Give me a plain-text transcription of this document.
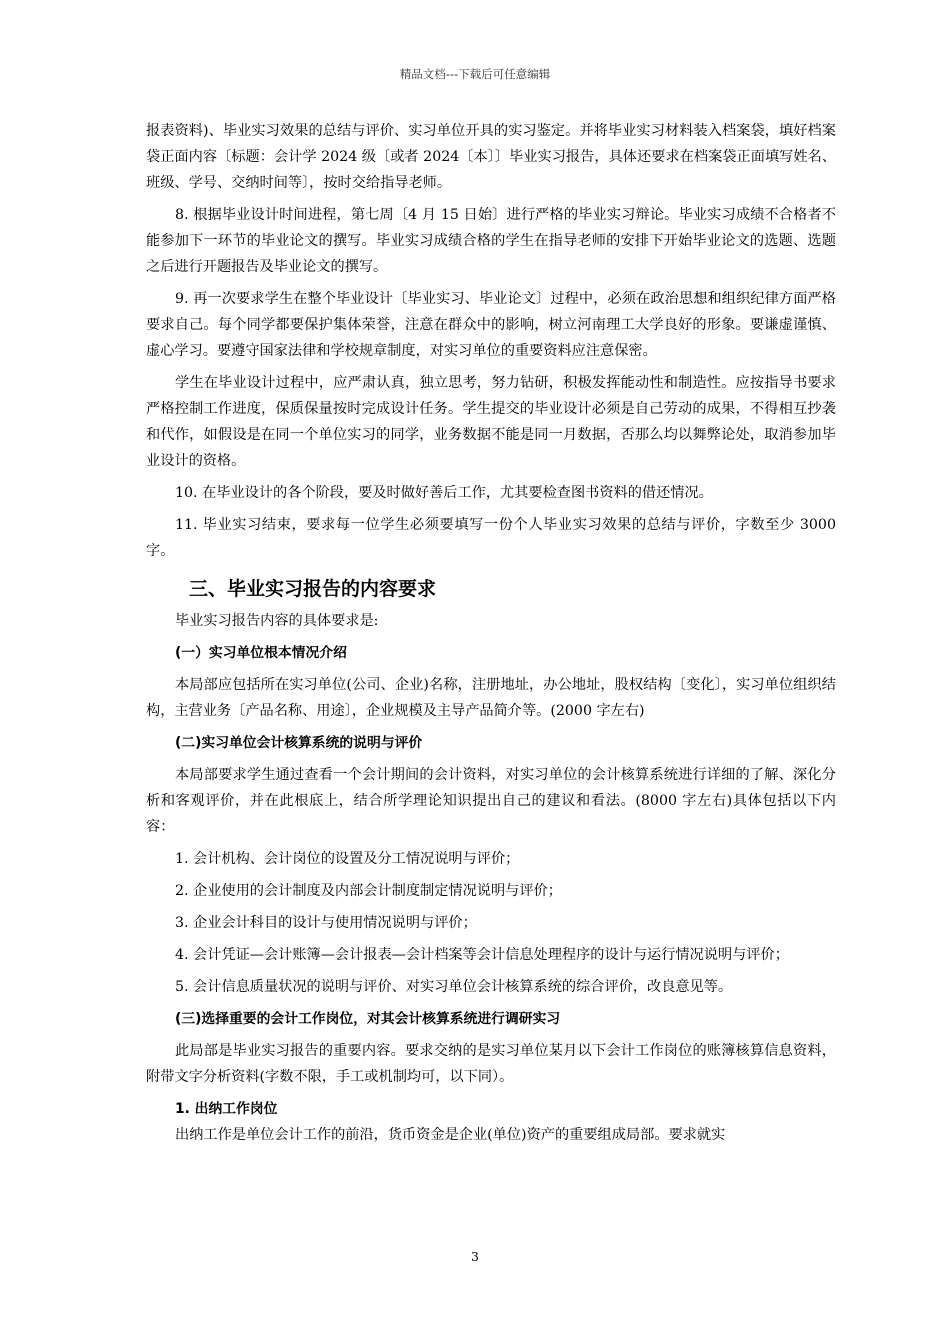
精品文档---下载后可任意编辑

报表资料)、毕业实习效果的总结与评价、实习单位开具的实习鉴定。并将毕业实习材料装入档案袋，填好档案袋正面内容〔标题：会计学 2024 级〔或者 2024〔本〕〕毕业实习报告，具体还要求在档案袋正面填写姓名、班级、学号、交纳时间等〕，按时交给指导老师。

8. 根据毕业设计时间进程，第七周〔4 月 15 日始〕进行严格的毕业实习辩论。毕业实习成绩不合格者不能参加下一环节的毕业论文的撰写。毕业实习成绩合格的学生在指导老师的安排下开始毕业论文的选题、选题之后进行开题报告及毕业论文的撰写。

9. 再一次要求学生在整个毕业设计〔毕业实习、毕业论文〕过程中，必须在政治思想和组织纪律方面严格要求自己。每个同学都要保护集体荣誉，注意在群众中的影响，树立河南理工大学良好的形象。要谦虚谨慎、虚心学习。要遵守国家法律和学校规章制度，对实习单位的重要资料应注意保密。

学生在毕业设计过程中，应严肃认真，独立思考，努力钻研，积极发挥能动性和制造性。应按指导书要求严格控制工作进度，保质保量按时完成设计任务。学生提交的毕业设计必须是自己劳动的成果，不得相互抄袭和代作，如假设是在同一个单位实习的同学，业务数据不能是同一月数据，否那么均以舞弊论处，取消参加毕业设计的资格。

10. 在毕业设计的各个阶段，要及时做好善后工作，尤其要检查图书资料的借还情况。

11. 毕业实习结束，要求每一位学生必须要填写一份个人毕业实习效果的总结与评价，字数至少 3000 字。

三、毕业实习报告的内容要求

毕业实习报告内容的具体要求是:

(一）实习单位根本情况介绍

本局部应包括所在实习单位(公司、企业)名称，注册地址，办公地址，股权结构〔变化〕，实习单位组织结构，主营业务〔产品名称、用途〕，企业规模及主导产品简介等。(2000 字左右)

(二)实习单位会计核算系统的说明与评价

本局部要求学生通过查看一个会计期间的会计资料，对实习单位的会计核算系统进行详细的了解、深化分析和客观评价，并在此根底上，结合所学理论知识提出自己的建议和看法。(8000 字左右)具体包括以下内容：

1. 会计机构、会计岗位的设置及分工情况说明与评价；

2. 企业使用的会计制度及内部会计制度制定情况说明与评价；

3. 企业会计科目的设计与使用情况说明与评价；

4. 会计凭证—会计账簿—会计报表—会计档案等会计信息处理程序的设计与运行情况说明与评价；

5. 会计信息质量状况的说明与评价、对实习单位会计核算系统的综合评价，改良意见等。

(三)选择重要的会计工作岗位，对其会计核算系统进行调研实习

此局部是毕业实习报告的重要内容。要求交纳的是实习单位某月以下会计工作岗位的账簿核算信息资料，附带文字分析资料(字数不限，手工或机制均可，以下同）。

1. 出纳工作岗位

出纳工作是单位会计工作的前沿，货币资金是企业(单位)资产的重要组成局部。要求就实

3
